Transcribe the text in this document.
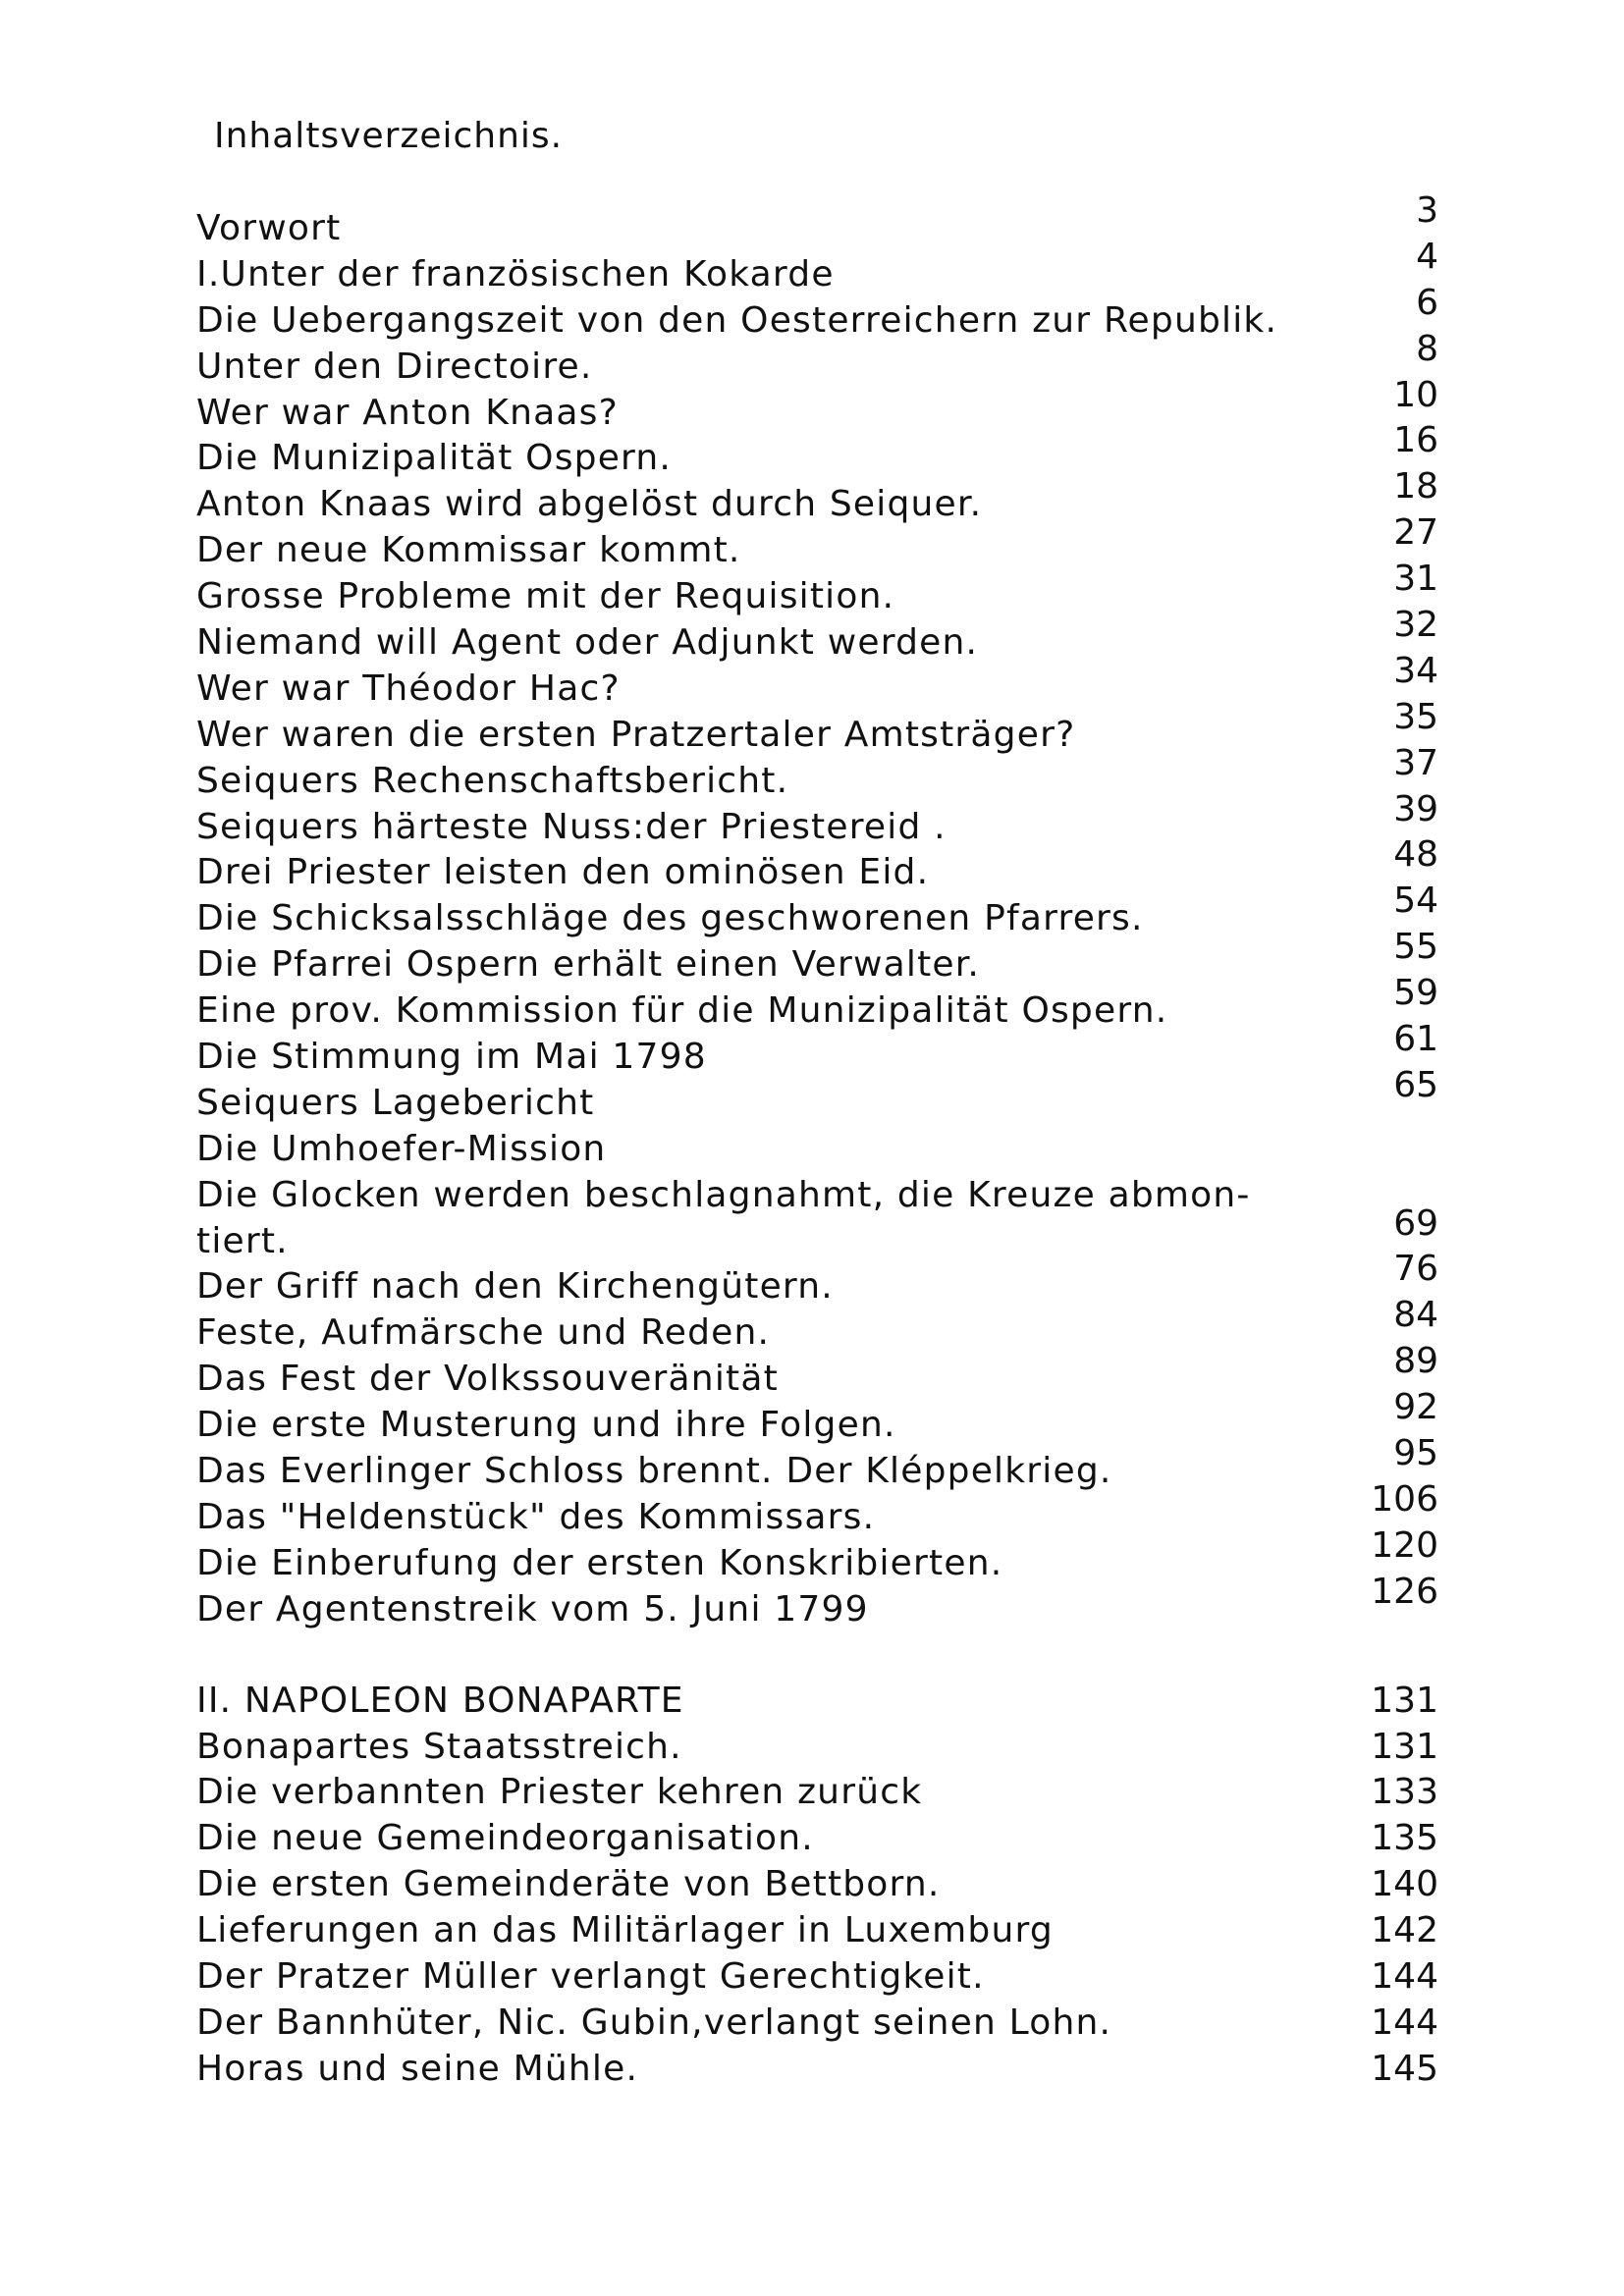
Inhaltsverzeichnis.
Vorwort	3
I.Unter der französischen Kokarde	4
Die Uebergangszeit von den Oesterreichern zur Republik.	6
Unter den Directoire.	8
Wer war Anton Knaas?	10
Die Munizipalität Ospern.	16
Anton Knaas wird abgelöst durch Seiquer.	18
Der neue Kommissar kommt.	27
Grosse Probleme mit der Requisition.	31
Niemand will Agent oder Adjunkt werden.	32
Wer war Théodor Hac?	34
Wer waren die ersten Pratzertaler Amtsträger?	35
Seiquers Rechenschaftsbericht.	37
Seiquers härteste Nuss:der Priestereid .	39
Drei Priester leisten den ominösen Eid.	48
Die Schicksalsschläge des geschworenen Pfarrers.	54
Die Pfarrei Ospern erhält einen Verwalter.	55
Eine prov. Kommission für die Munizipalität Ospern.	59
Die Stimmung im Mai 1798	61
Seiquers Lagebericht	65
Die Umhoefer-Mission
Die Glocken werden beschlagnahmt, die Kreuze abmon-
tiert.	69
Der Griff nach den Kirchengütern.	76
Feste, Aufmärsche und Reden.	84
Das Fest der Volkssouveränität	89
Die erste Musterung und ihre Folgen.	92
Das Everlinger Schloss brennt. Der Kléppelkrieg.	95
Das "Heldenstück" des Kommissars.	106
Die Einberufung der ersten Konskribierten.	120
Der Agentenstreik vom 5. Juni 1799	126
II. NAPOLEON BONAPARTE	131
Bonapartes Staatsstreich.	131
Die verbannten Priester kehren zurück	133
Die neue Gemeindeorganisation.	135
Die ersten Gemeinderäte von Bettborn.	140
Lieferungen an das Militärlager in Luxemburg	142
Der Pratzer Müller verlangt Gerechtigkeit.	144
Der Bannhüter, Nic. Gubin,verlangt seinen Lohn.	144
Horas und seine Mühle.	145
